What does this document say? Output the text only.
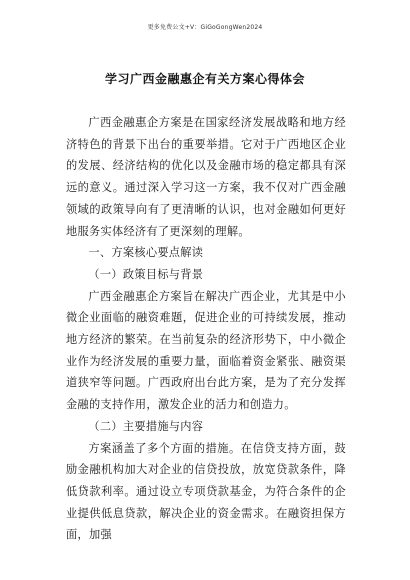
更多免费公文+V：GiGoGongWen2024
学习广西金融惠企有关方案心得体会

广西金融惠企方案是在国家经济发展战略和地方经济特色的背景下出台的重要举措。它对于广西地区企业的发展、经济结构的优化以及金融市场的稳定都具有深远的意义。通过深入学习这一方案，我不仅对广西金融领域的政策导向有了更清晰的认识，也对金融如何更好地服务实体经济有了更深刻的理解。

一、方案核心要点解读

（一）政策目标与背景

广西金融惠企方案旨在解决广西企业，尤其是中小微企业面临的融资难题，促进企业的可持续发展，推动地方经济的繁荣。在当前复杂的经济形势下，中小微企业作为经济发展的重要力量，面临着资金紧张、融资渠道狭窄等问题。广西政府出台此方案，是为了充分发挥金融的支持作用，激发企业的活力和创造力。

（二）主要措施与内容

方案涵盖了多个方面的措施。在信贷支持方面，鼓励金融机构加大对企业的信贷投放，放宽贷款条件，降低贷款利率。通过设立专项贷款基金，为符合条件的企业提供低息贷款，解决企业的资金需求。在融资担保方面，加强
